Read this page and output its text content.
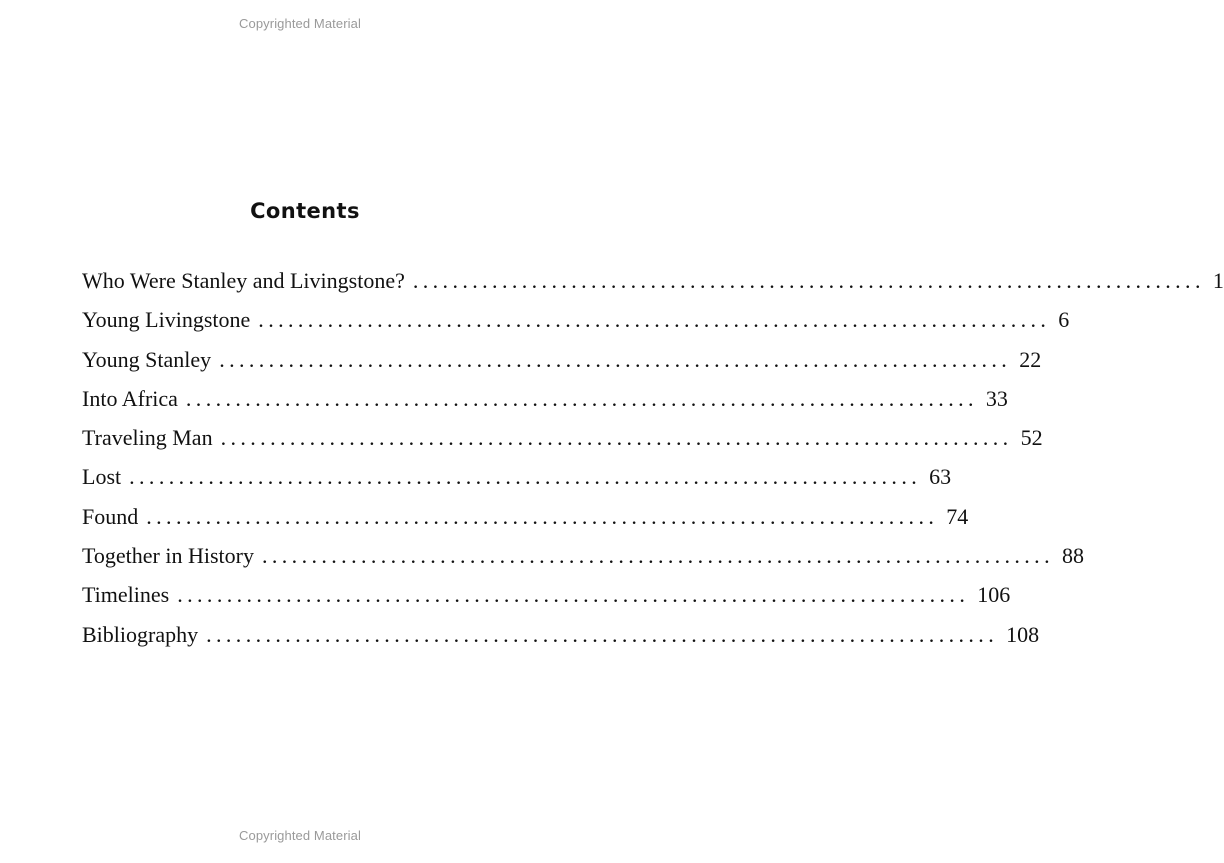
Copyrighted Material
Contents
Who Were Stanley and Livingstone? ................................................................................ 1
Young Livingstone ................................................................................ 6
Young Stanley ................................................................................ 22
Into Africa ................................................................................ 33
Traveling Man ................................................................................ 52
Lost ................................................................................ 63
Found ................................................................................ 74
Together in History ................................................................................ 88
Timelines ................................................................................ 106
Bibliography ................................................................................ 108
Copyrighted Material
